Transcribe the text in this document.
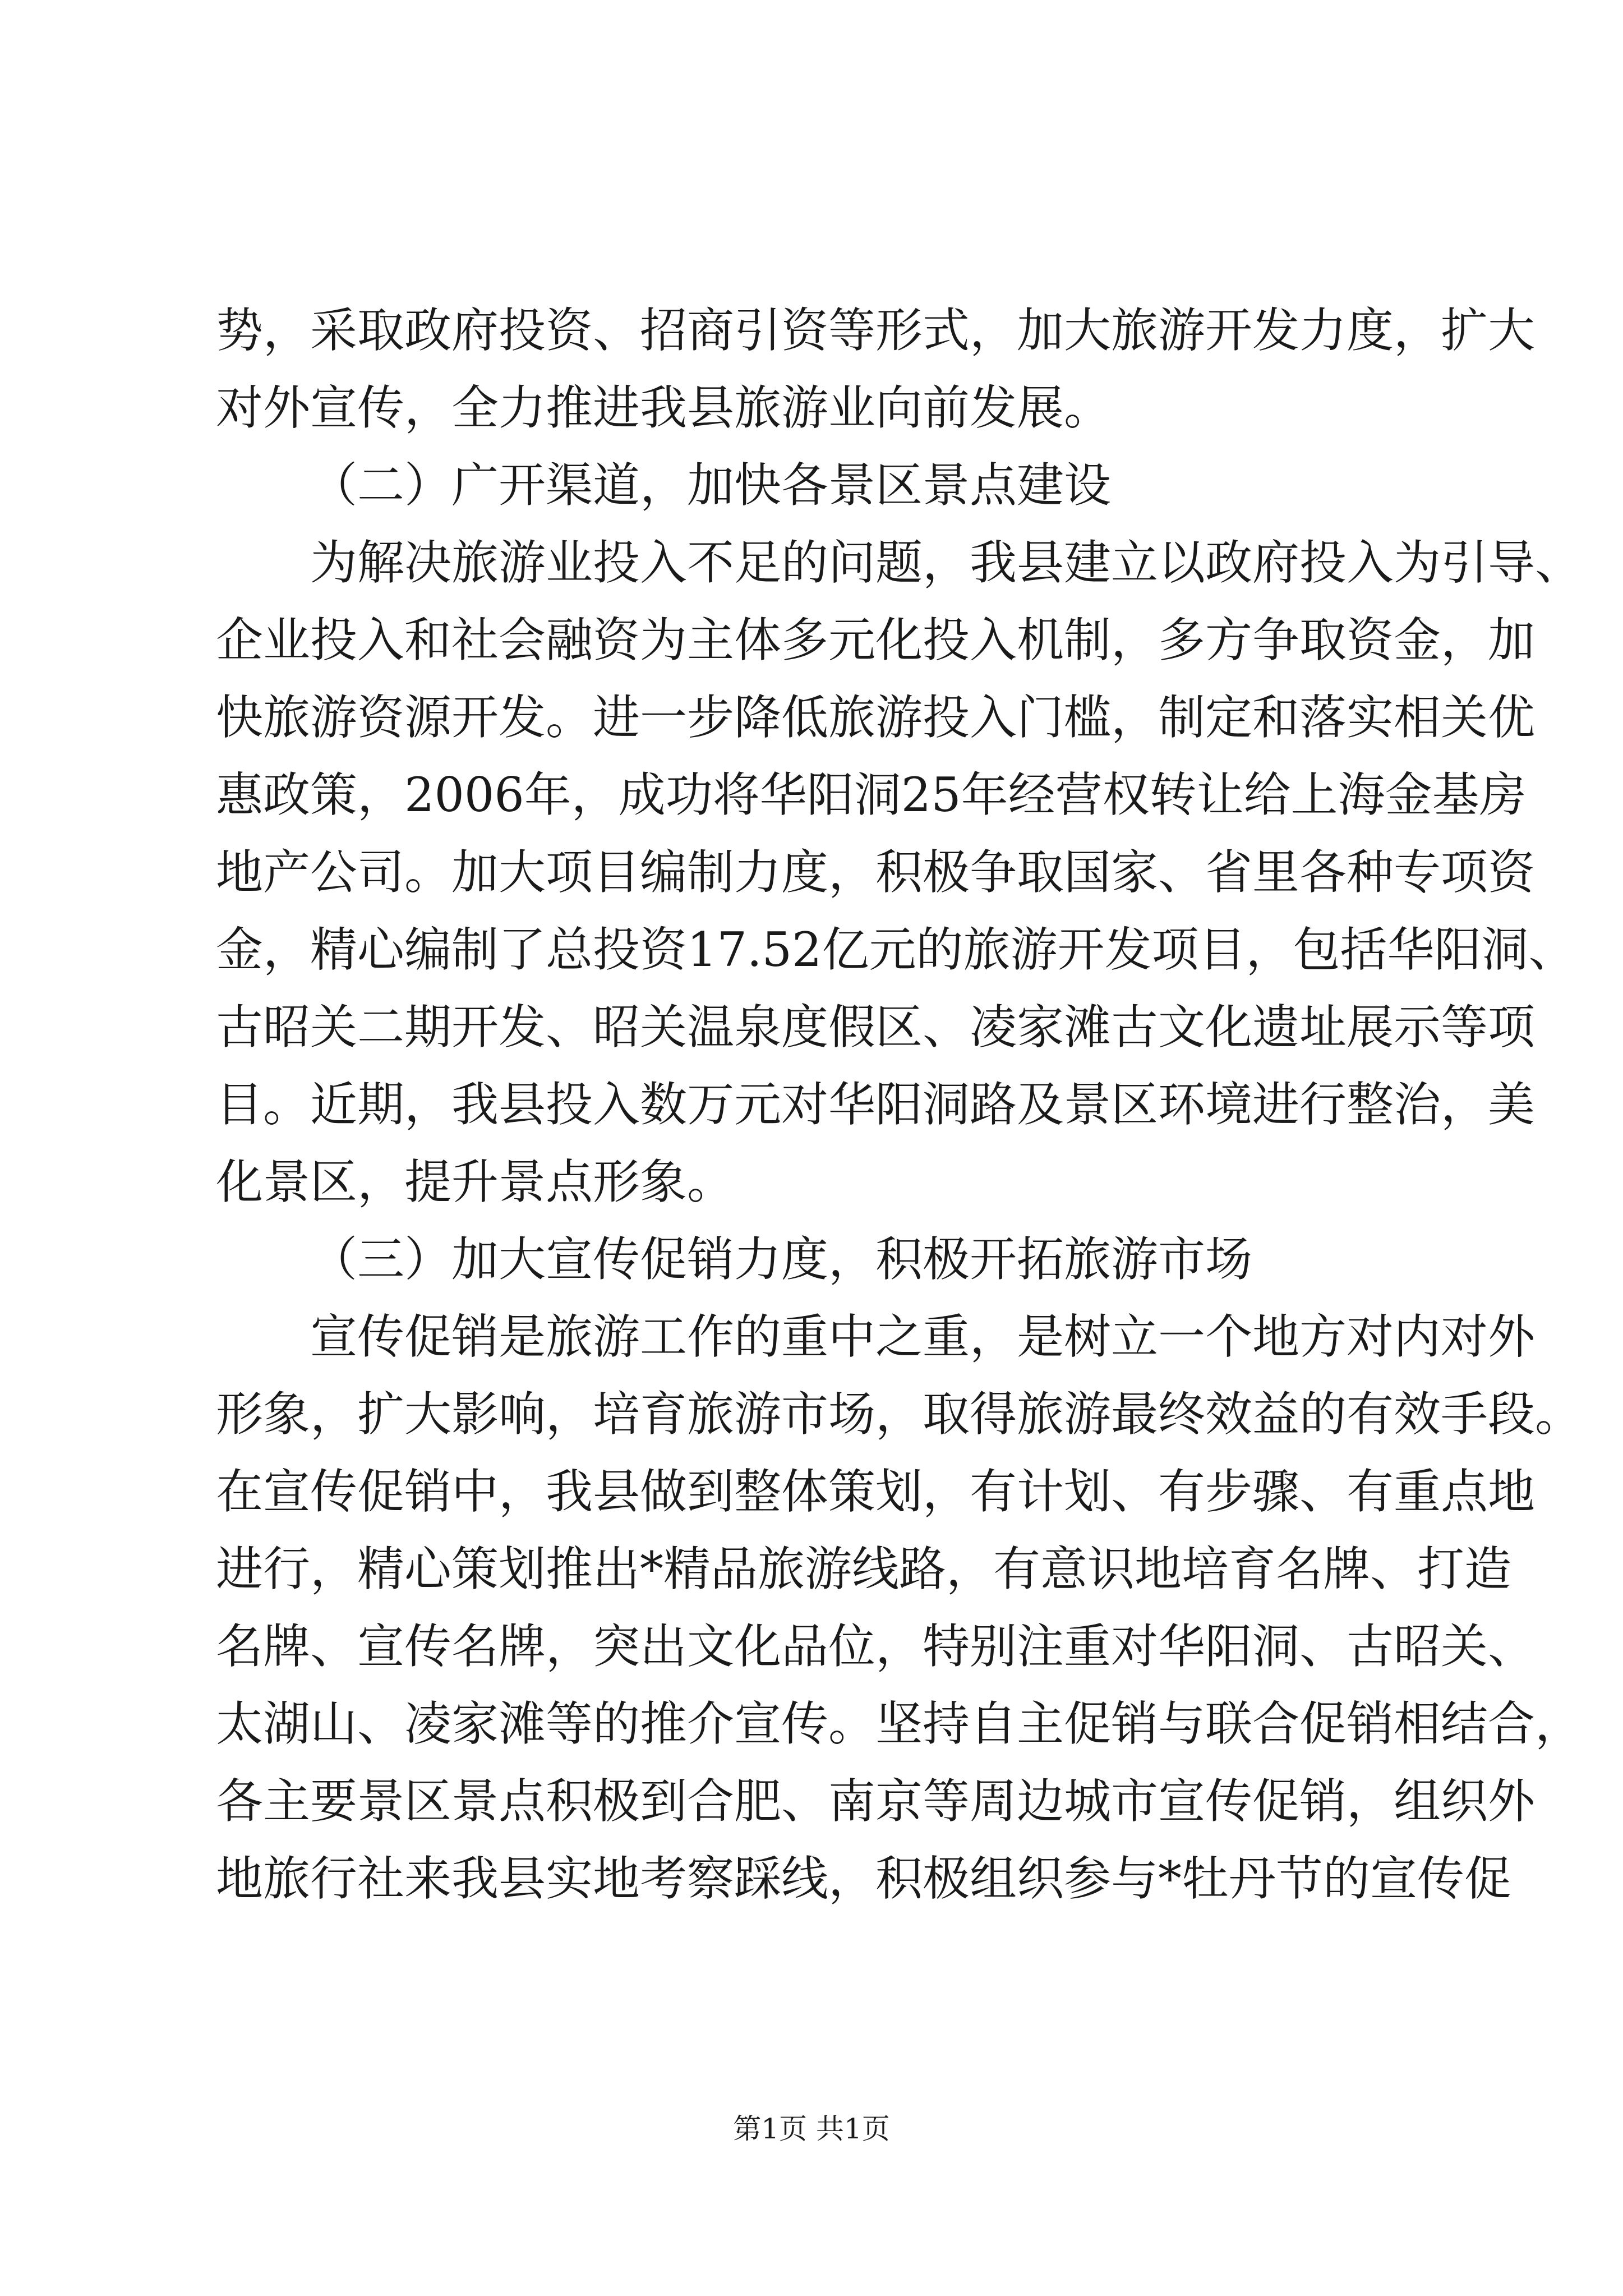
势，采取政府投资、招商引资等形式，加大旅游开发力度，扩大
对外宣传，全力推进我县旅游业向前发展。
（二）广开渠道，加快各景区景点建设
为解决旅游业投入不足的问题，我县建立以政府投入为引导、
企业投入和社会融资为主体多元化投入机制，多方争取资金，加
快旅游资源开发。进一步降低旅游投入门槛，制定和落实相关优
惠政策，2006年，成功将华阳洞25年经营权转让给上海金基房
地产公司。加大项目编制力度，积极争取国家、省里各种专项资
金，精心编制了总投资17.52亿元的旅游开发项目，包括华阳洞、
古昭关二期开发、昭关温泉度假区、凌家滩古文化遗址展示等项
目。近期，我县投入数万元对华阳洞路及景区环境进行整治，美
化景区，提升景点形象。
（三）加大宣传促销力度，积极开拓旅游市场
宣传促销是旅游工作的重中之重，是树立一个地方对内对外
形象，扩大影响，培育旅游市场，取得旅游最终效益的有效手段。
在宣传促销中，我县做到整体策划，有计划、有步骤、有重点地
进行，精心策划推出*精品旅游线路，有意识地培育名牌、打造
名牌、宣传名牌，突出文化品位，特别注重对华阳洞、古昭关、
太湖山、凌家滩等的推介宣传。坚持自主促销与联合促销相结合，
各主要景区景点积极到合肥、南京等周边城市宣传促销，组织外
地旅行社来我县实地考察踩线，积极组织参与*牡丹节的宣传促
第1页 共1页
